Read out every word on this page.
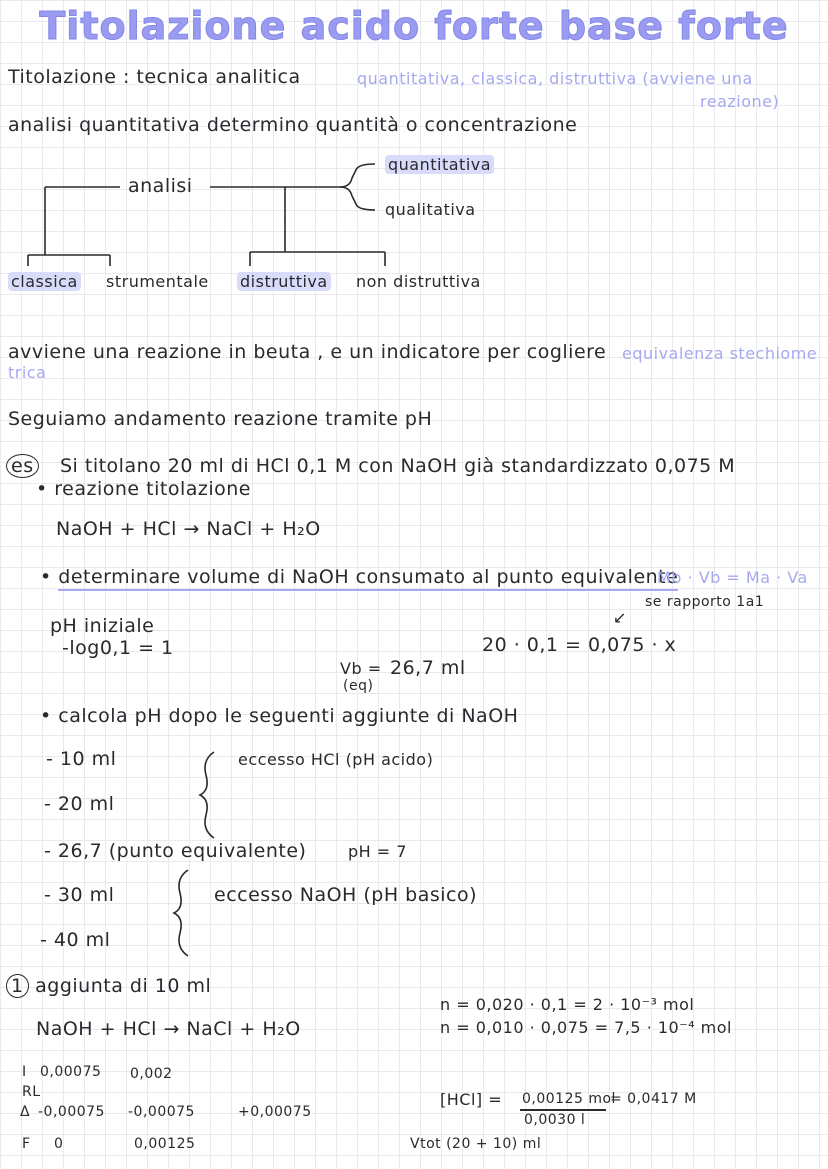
Titolazione acido forte base forte
Titolazione : tecnica analitica	quantitativa, classica, distruttiva (avviene una
reazione)
analisi quantitativa determino quantità o concentrazione
analisi
quantitativa
qualitativa
classica strumentale distruttiva non distruttiva
avviene una reazione in beuta , e un indicatore per cogliere equivalenza stechiome
trica
Seguiamo andamento reazione tramite pH
es Si titolano 20 ml di HCl 0,1 M con NaOH già standardizzato 0,075 M
• reazione titolazione
NaOH + HCl → NaCl + H₂O
• determinare volume di NaOH consumato al punto equivalente
Mb · Vb = Ma · Va
se rapporto 1a1
↙
pH iniziale
-log0,1 = 1	20 · 0,1 = 0,075 · x
Vb =
(eq)
26,7 ml
• calcola pH dopo le seguenti aggiunte di NaOH
- 10 ml
- 20 ml
- 26,7 (punto equivalente)
- 30 ml
- 40 ml
eccesso HCl (pH acido)
pH = 7
eccesso NaOH (pH basico)
1 aggiunta di 10 ml
n = 0,020 · 0,1 = 2 · 10⁻³ mol
n = 0,010 · 0,075 = 7,5 · 10⁻⁴ mol
NaOH + HCl → NaCl + H₂O
I 0,00075 0,002
RL
Δ -0,00075 -0,00075	+0,00075
F 0	0,00125
[HCl] = 0,00125 mol
0,0030 l
= 0,0417 M
Vtot (20 + 10) ml
